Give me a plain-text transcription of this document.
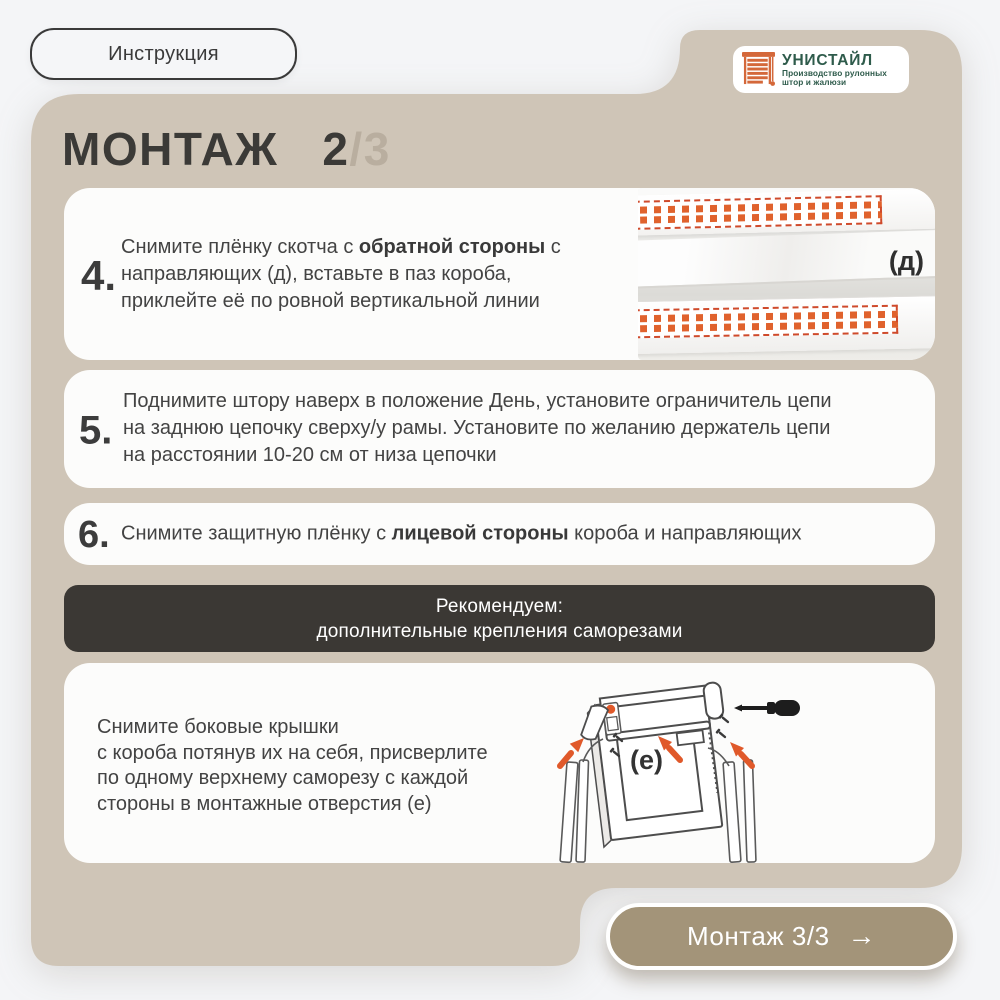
Инструкция	УНИСТАЙЛ
Производство рулонных
штор и жалюзи
МОНТАЖ 2/3
4.

Снимите плёнку скотча с обратной стороны с направляющих (д), вставьте в паз короба, приклейте её по ровной вертикальной линии

(д)
5.

Поднимите штору наверх в положение День, установите ограничитель цепи на заднюю цепочку сверху/у рамы. Установите по желанию держатель цепи на расстоянии 10-20 см от низа цепочки

6. Снимите защитную плёнку с лицевой стороны короба и направляющих

Рекомендуем:
дополнительные крепления саморезами

Снимите боковые крышки
с короба потянув их на себя, присверлите по одному верхнему саморезу с каждой стороны в монтажные отверстия (е)

(e)
Монтаж 3/3 →
